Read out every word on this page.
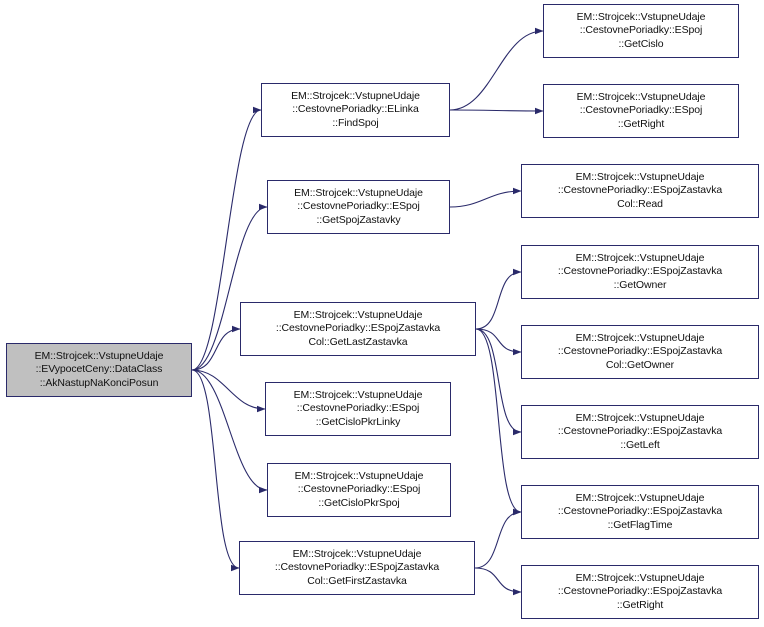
EM::Strojcek::VstupneUdaje
::EVypocetCeny::DataClass
::AkNastupNaKonciPosun
EM::Strojcek::VstupneUdaje
::CestovnePoriadky::ELinka
::FindSpoj
EM::Strojcek::VstupneUdaje
::CestovnePoriadky::ESpoj
::GetSpojZastavky
EM::Strojcek::VstupneUdaje
::CestovnePoriadky::ESpojZastavka
Col::GetLastZastavka
EM::Strojcek::VstupneUdaje
::CestovnePoriadky::ESpoj
::GetCisloPkrLinky
EM::Strojcek::VstupneUdaje
::CestovnePoriadky::ESpoj
::GetCisloPkrSpoj
EM::Strojcek::VstupneUdaje
::CestovnePoriadky::ESpojZastavka
Col::GetFirstZastavka
EM::Strojcek::VstupneUdaje
::CestovnePoriadky::ESpoj
::GetCislo
EM::Strojcek::VstupneUdaje
::CestovnePoriadky::ESpoj
::GetRight
EM::Strojcek::VstupneUdaje
::CestovnePoriadky::ESpojZastavka
Col::Read
EM::Strojcek::VstupneUdaje
::CestovnePoriadky::ESpojZastavka
::GetOwner
EM::Strojcek::VstupneUdaje
::CestovnePoriadky::ESpojZastavka
Col::GetOwner
EM::Strojcek::VstupneUdaje
::CestovnePoriadky::ESpojZastavka
::GetLeft
EM::Strojcek::VstupneUdaje
::CestovnePoriadky::ESpojZastavka
::GetFlagTime
EM::Strojcek::VstupneUdaje
::CestovnePoriadky::ESpojZastavka
::GetRight
